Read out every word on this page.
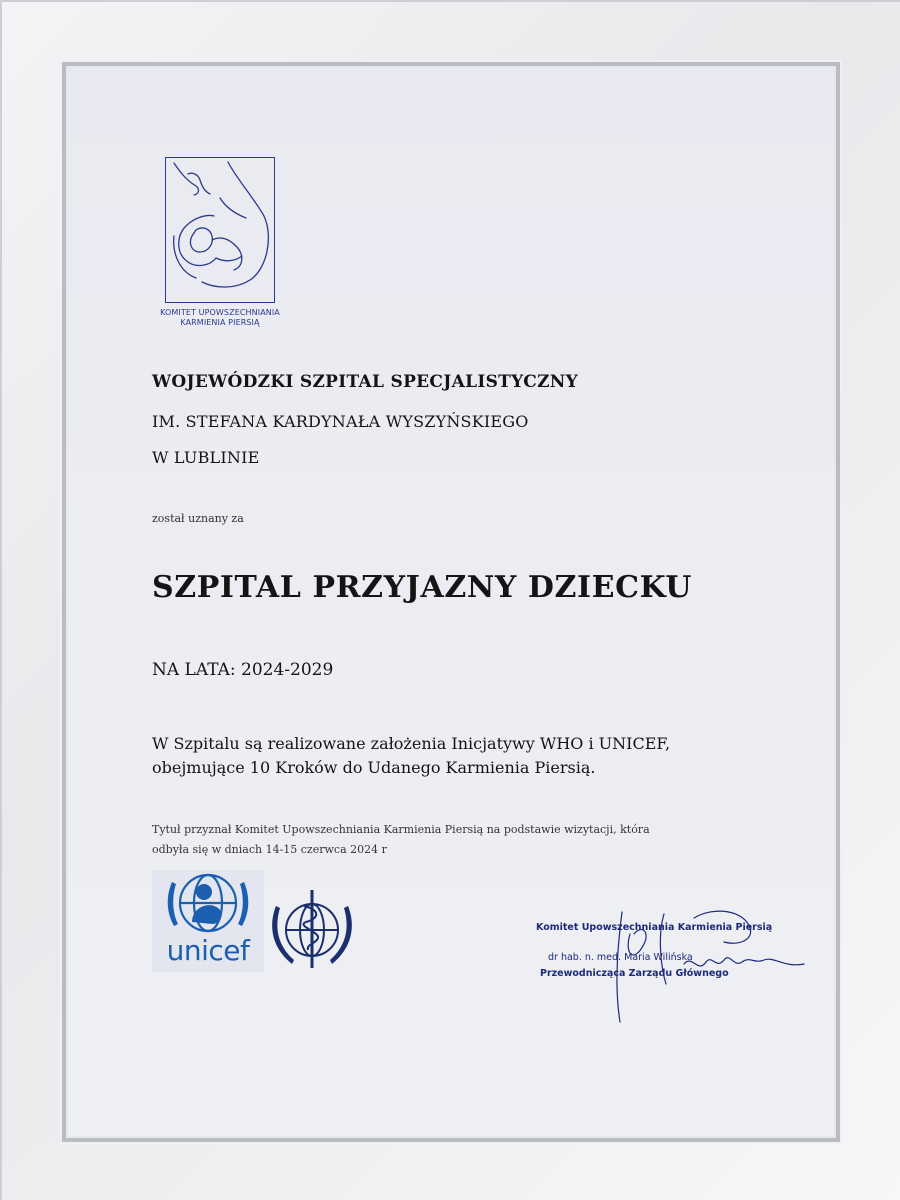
KOMITET UPOWSZECHNIANIA
KARMIENIA PIERSIĄ
WOJEWÓDZKI SZPITAL SPECJALISTYCZNY
IM. STEFANA KARDYNAŁA WYSZYŃSKIEGO
W LUBLINIE
został uznany za
SZPITAL PRZYJAZNY DZIECKU
NA LATA: 2024-2029
W Szpitalu są realizowane założenia Inicjatywy WHO i UNICEF,
obejmujące 10 Kroków do Udanego Karmienia Piersią.
Tytuł przyznał Komitet Upowszechniania Karmienia Piersią na podstawie wizytacji, która
odbyła się w dniach 14-15 czerwca 2024 r
unicef
Komitet Upowszechniania Karmienia Piersią
dr hab. n. med. Maria Wilińska
Przewodnicząca Zarządu Głównego
